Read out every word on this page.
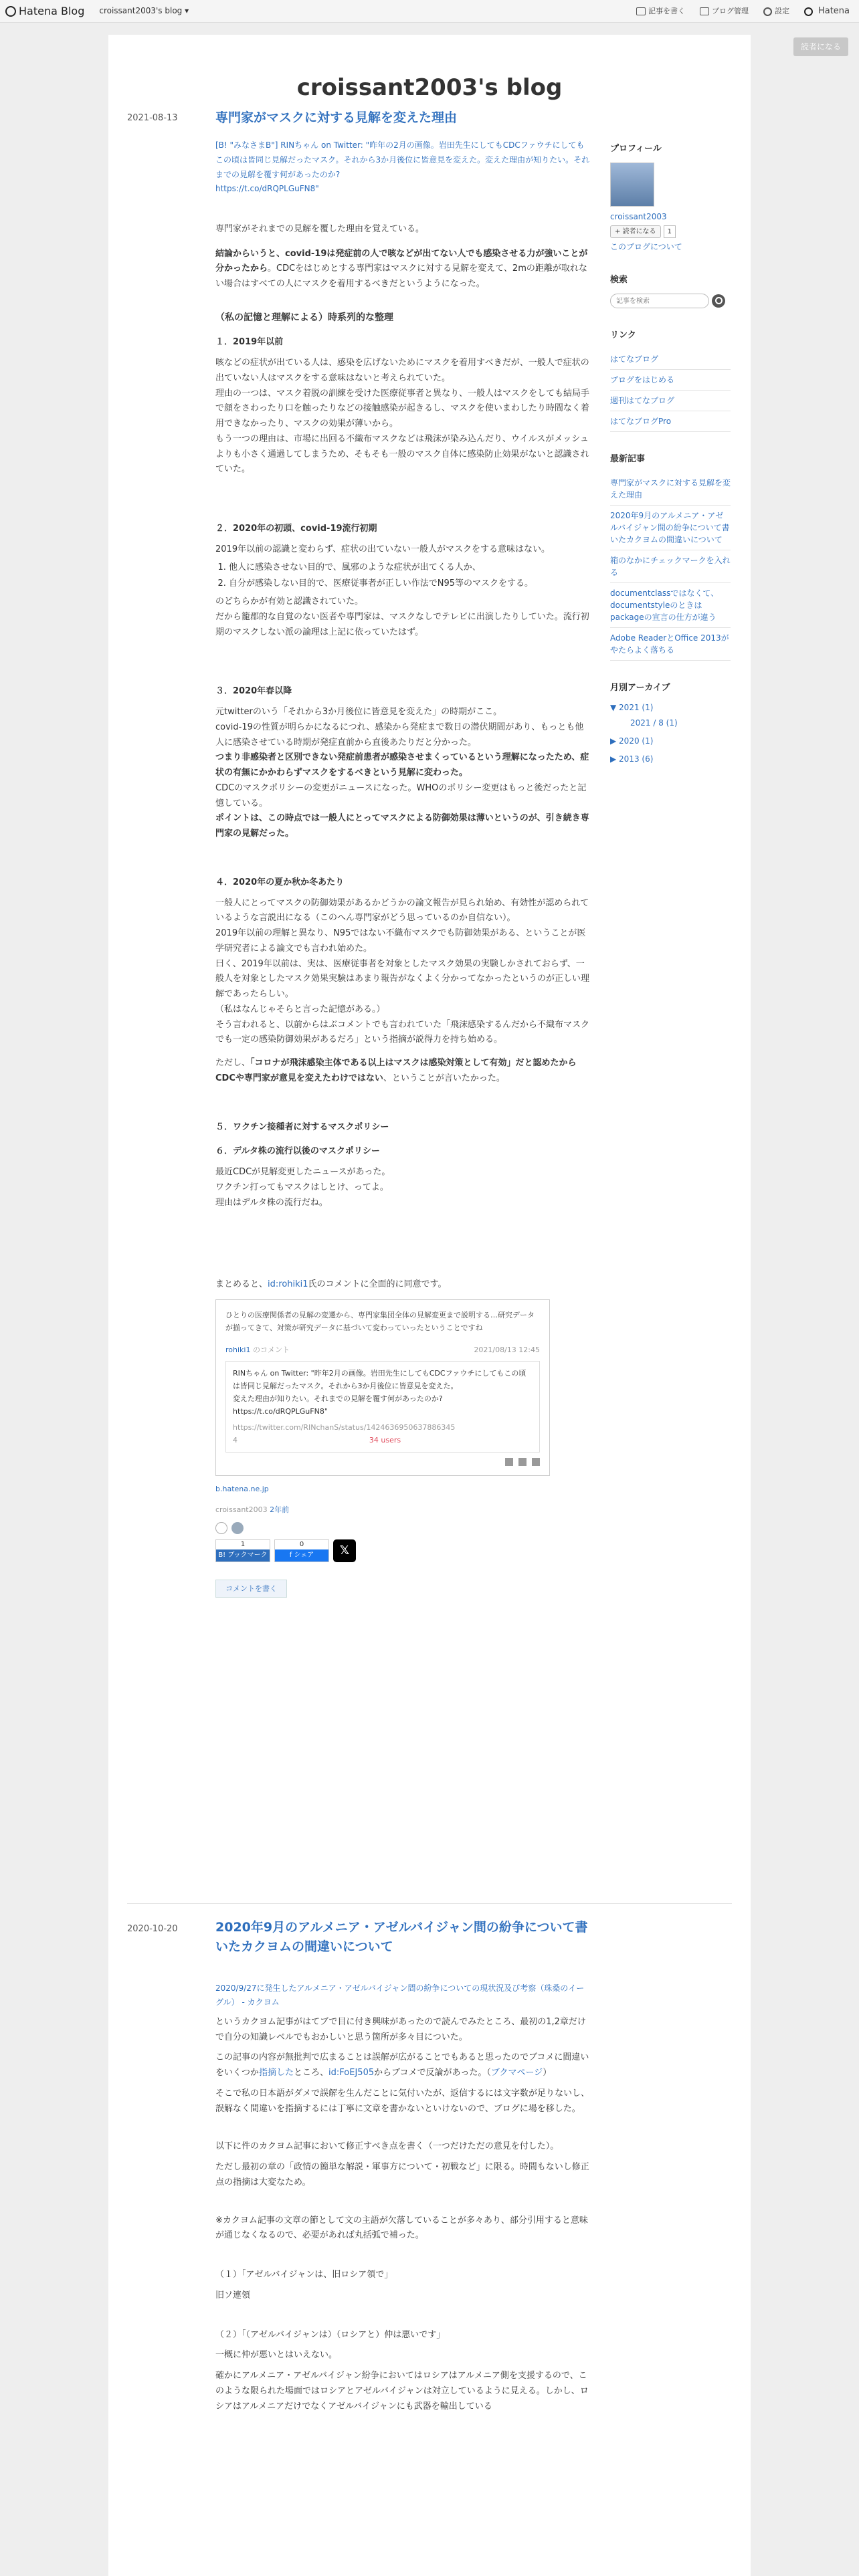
Hatena Blog croissant2003's blog ▾	記事を書く	ブログ管理	設定	Hatena
読者になる
croissant2003's blog
2021-08-13	専門家がマスクに対する見解を変えた理由
[B! "みなさまB"] RINちゃん on Twitter: "昨年の2月の画像。岩田先生にしてもCDCファウチにしてもこの頃は皆同じ見解だったマスク。それから3か月後位に皆意見を変えた。変えた理由が知りたい。それまでの見解を覆す何があったのか?
https://t.co/dRQPLGuFN8"
専門家がそれまでの見解を覆した理由を覚えている。
結論からいうと、covid-19は発症前の人で咳などが出てない人でも感染させる力が強いことが分かったから。CDCをはじめとする専門家はマスクに対する見解を変えて、2mの距離が取れない場合はすべての人にマスクを着用するべきだというようになった。
（私の記憶と理解による）時系列的な整理
１．2019年以前
咳などの症状が出ている人は、感染を広げないためにマスクを着用すべきだが、一般人で症状の出ていない人はマスクをする意味はないと考えられていた。
理由の一つは、マスク着脱の訓練を受けた医療従事者と異なり、一般人はマスクをしても結局手で顔をさわったり口を触ったりなどの接触感染が起きるし、マスクを使いまわしたり時間なく着用できなかったり、マスクの効果が薄いから。
もう一つの理由は、市場に出回る不織布マスクなどは飛沫が染み込んだり、ウイルスがメッシュよりも小さく通過してしまうため、そもそも一般のマスク自体に感染防止効果がないと認識されていた。
２．2020年の初頭、covid-19流行初期
2019年以前の認識と変わらず、症状の出ていない一般人がマスクをする意味はない。
1. 他人に感染させない目的で、風邪のような症状が出てくる人か、
2. 自分が感染しない目的で、医療従事者が正しい作法でN95等のマスクをする。
のどちらかが有効と認識されていた。
だから籠郡的な自覚のない医者や専門家は、マスクなしでテレビに出演したりしていた。流行初期のマスクしない派の論理は上記に依っていたはず。
３．2020年春以降
元twitterのいう「それから3か月後位に皆意見を変えた」の時期がここ。
covid-19の性質が明らかになるにつれ、感染から発症まで数日の潜伏期間があり、もっとも他人に感染させている時期が発症直前から直後あたりだと分かった。
つまり非感染者と区別できない発症前患者が感染させまくっているという理解になったため、症状の有無にかかわらずマスクをするべきという見解に変わった。
CDCのマスクポリシーの変更がニュースになった。WHOのポリシー変更はもっと後だったと記憶している。
ポイントは、この時点では一般人にとってマスクによる防御効果は薄いというのが、引き続き専門家の見解だった。
４．2020年の夏か秋か冬あたり
一般人にとってマスクの防御効果があるかどうかの論文報告が見られ始め、有効性が認められているような言説出になる（このへん専門家がどう思っているのか自信ない）。
2019年以前の理解と異なり、N95ではない不織布マスクでも防御効果がある、ということが医学研究者による論文でも言われ始めた。
曰く、2019年以前は、実は、医療従事者を対象としたマスク効果の実験しかされておらず、一般人を対象としたマスク効果実験はあまり報告がなくよく分かってなかったというのが正しい理解であったらしい。
（私はなんじゃそらと言った記憶がある。）
そう言われると、以前からはぶコメントでも言われていた「飛沫感染するんだから不織布マスクでも一定の感染防御効果があるだろ」という指摘が説得力を持ち始める。
ただし、「コロナが飛沫感染主体である以上はマスクは感染対策として有効」だと認めたからCDCや専門家が意見を変えたわけではない、ということが言いたかった。
５．ワクチン接種者に対するマスクポリシー
６．デルタ株の流行以後のマスクポリシー
最近CDCが見解変更したニュースがあった。
ワクチン打ってもマスクはしとけ、ってよ。
理由はデルタ株の流行だね。
まとめると、id:rohiki1氏のコメントに全面的に同意です。
ひとりの医療関係者の見解の変遷から、専門家集団全体の見解変更まで説明する…研究データが揃ってきて、対策が研究データに基づいて変わっていったということですね
rohiki1 のコメント	2021/08/13 12:45
RINちゃん on Twitter: "昨年2月の画像。岩田先生にしてもCDCファウチにしてもこの頃は皆同じ見解だったマスク。それから3か月後位に皆意見を変えた。
変えた理由が知りたい。それまでの見解を覆す何があったのか? https://t.co/dRQPLGuFN8"
https://twitter.com/RINchanS/status/1424636950637886345
4	34 users
b.hatena.ne.jp
croissant2003 2年前
1
B! ブックマーク
0
f シェア	𝕏
コメントを書く
2020-10-20	2020年9月のアルメニア・アゼルバイジャン間の紛争について書いたカクヨムの間違いについて
2020/9/27に発生したアルメニア・アゼルバイジャン間の紛争についての現状況及び考察（珠桑のイーグル） - カクヨム
というカクヨム記事がはてブで目に付き興味があったので読んでみたところ、最初の1,2章だけで自分の知識レベルでもおかしいと思う箇所が多々目についた。
この記事の内容が無批判で広まることは誤解が広がることでもあると思ったのでブコメに間違いをいくつか指摘したところ、id:FoEJ505からブコメで反論があった。（ブクマページ）
そこで私の日本語がダメで誤解を生んだことに気付いたが、返信するには文字数が足りないし、誤解なく間違いを指摘するには丁寧に文章を書かないといけないので、ブログに場を移した。
以下に件のカクヨム記事において修正すべき点を書く（一つだけただの意見を付した）。
ただし最初の章の「政情の簡単な解説・軍事方について・初戦など」に限る。時間もないし修正点の指摘は大変なため。
※カクヨム記事の文章の節として文の主語が欠落していることが多々あり、部分引用すると意味が通じなくなるので、必要があれば丸括弧で補った。
（１）「アゼルバイジャンは、旧ロシア領で」
旧ソ連領
（２）「（アゼルバイジャンは）（ロシアと）仲は悪いです」
一概に仲が悪いとはいえない。
確かにアルメニア・アゼルバイジャン紛争においてはロシアはアルメニア側を支援するので、このような限られた場面ではロシアとアゼルバイジャンは対立しているように見える。しかし、ロシアはアルメニアだけでなくアゼルバイジャンにも武器を輸出している
プロフィール
croissant2003
+ 読者になる	1
このブログについて
検索
記事を検索
リンク
はてなブログ
ブログをはじめる
週刊はてなブログ
はてなブログPro
最新記事
専門家がマスクに対する見解を変えた理由
2020年9月のアルメニア・アゼルバイジャン間の紛争について書いたカクヨムの間違いについて
箱のなかにチェックマークを入れる
documentclassではなくて、documentstyleのときはpackageの宣言の仕方が違う
Adobe ReaderとOffice 2013がやたらよく落ちる
月別アーカイブ
▼ 2021 (1)
2021 / 8 (1)
▶ 2020 (1)
▶ 2013 (6)
